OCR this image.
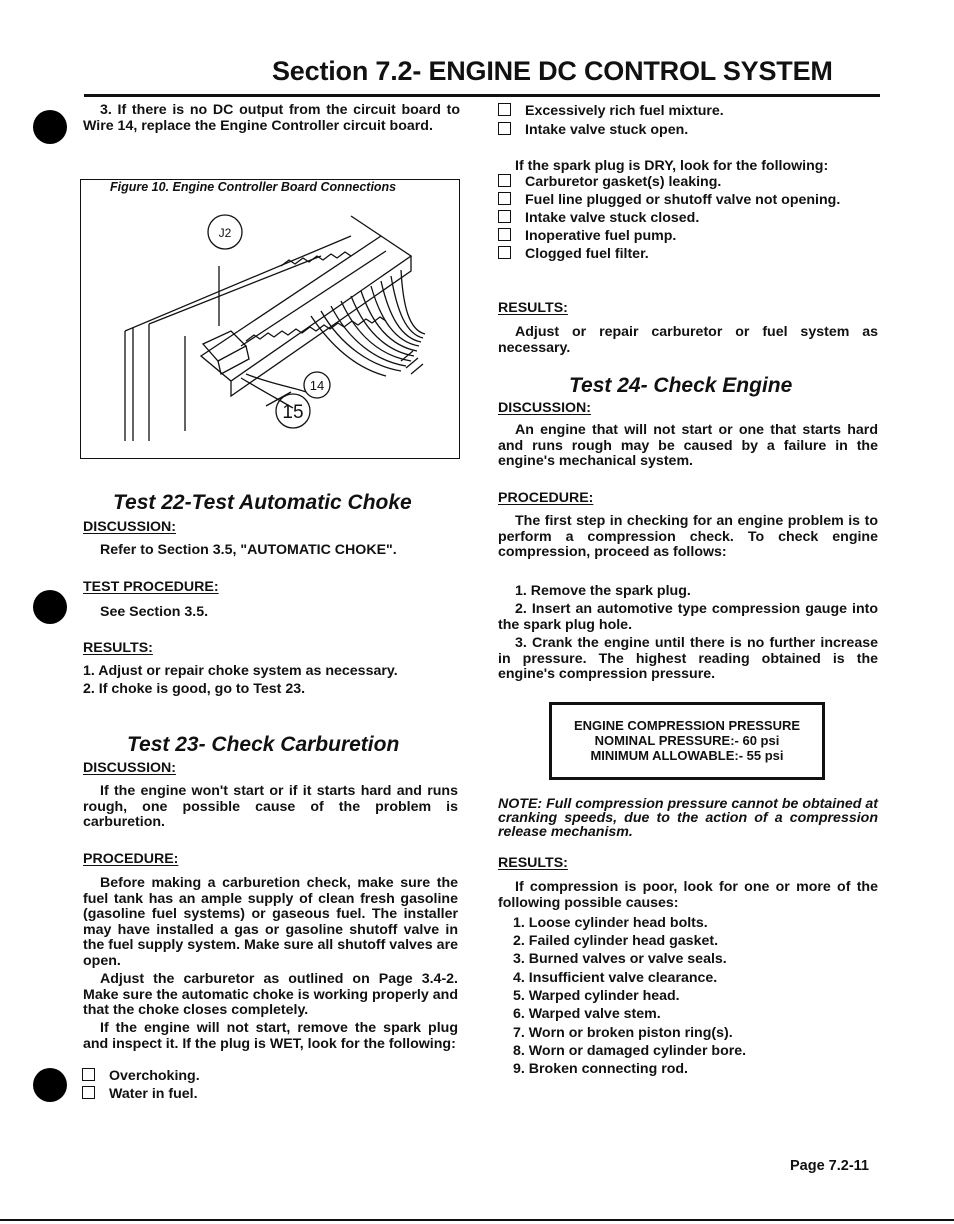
Section 7.2- ENGINE DC CONTROL SYSTEM
3. If there is no DC output from the circuit board to Wire 14, replace the Engine Controller circuit board.
Figure 10. Engine Controller Board Connections
J2
14
15
Test 22-Test Automatic Choke
DISCUSSION:
Refer to Section 3.5, "AUTOMATIC CHOKE".
TEST PROCEDURE:
See Section 3.5.
RESULTS:
1. Adjust or repair choke system as necessary.
2. If choke is good, go to Test 23.
Test 23- Check Carburetion
DISCUSSION:
If the engine won't start or if it starts hard and runs rough, one possible cause of the problem is carburetion.
PROCEDURE:
Before making a carburetion check, make sure the fuel tank has an ample supply of clean fresh gasoline (gasoline fuel systems) or gaseous fuel. The installer may have installed a gas or gasoline shutoff valve in the fuel supply system. Make sure all shutoff valves are open.
Adjust the carburetor as outlined on Page 3.4-2. Make sure the automatic choke is working properly and that the choke closes completely.
If the engine will not start, remove the spark plug and inspect it. If the plug is WET, look for the following:
Overchoking.
Water in fuel.
Excessively rich fuel mixture.
Intake valve stuck open.
If the spark plug is DRY, look for the following:
Carburetor gasket(s) leaking.
Fuel line plugged or shutoff valve not opening.
Intake valve stuck closed.
Inoperative fuel pump.
Clogged fuel filter.
RESULTS:
Adjust or repair carburetor or fuel system as necessary.
Test 24- Check Engine
DISCUSSION:
An engine that will not start or one that starts hard and runs rough may be caused by a failure in the engine's mechanical system.
PROCEDURE:
The first step in checking for an engine problem is to perform a compression check. To check engine compression, proceed as follows:
1. Remove the spark plug.
2. Insert an automotive type compression gauge into the spark plug hole.
3. Crank the engine until there is no further increase in pressure. The highest reading obtained is the engine's compression pressure.
ENGINE COMPRESSION PRESSURE
NOMINAL PRESSURE:- 60 psi
MINIMUM ALLOWABLE:- 55 psi
NOTE: Full compression pressure cannot be obtained at cranking speeds, due to the action of a compression release mechanism.
RESULTS:
If compression is poor, look for one or more of the following possible causes:
1. Loose cylinder head bolts.
2. Failed cylinder head gasket.
3. Burned valves or valve seals.
4. Insufficient valve clearance.
5. Warped cylinder head.
6. Warped valve stem.
7. Worn or broken piston ring(s).
8. Worn or damaged cylinder bore.
9. Broken connecting rod.
Page 7.2-11
